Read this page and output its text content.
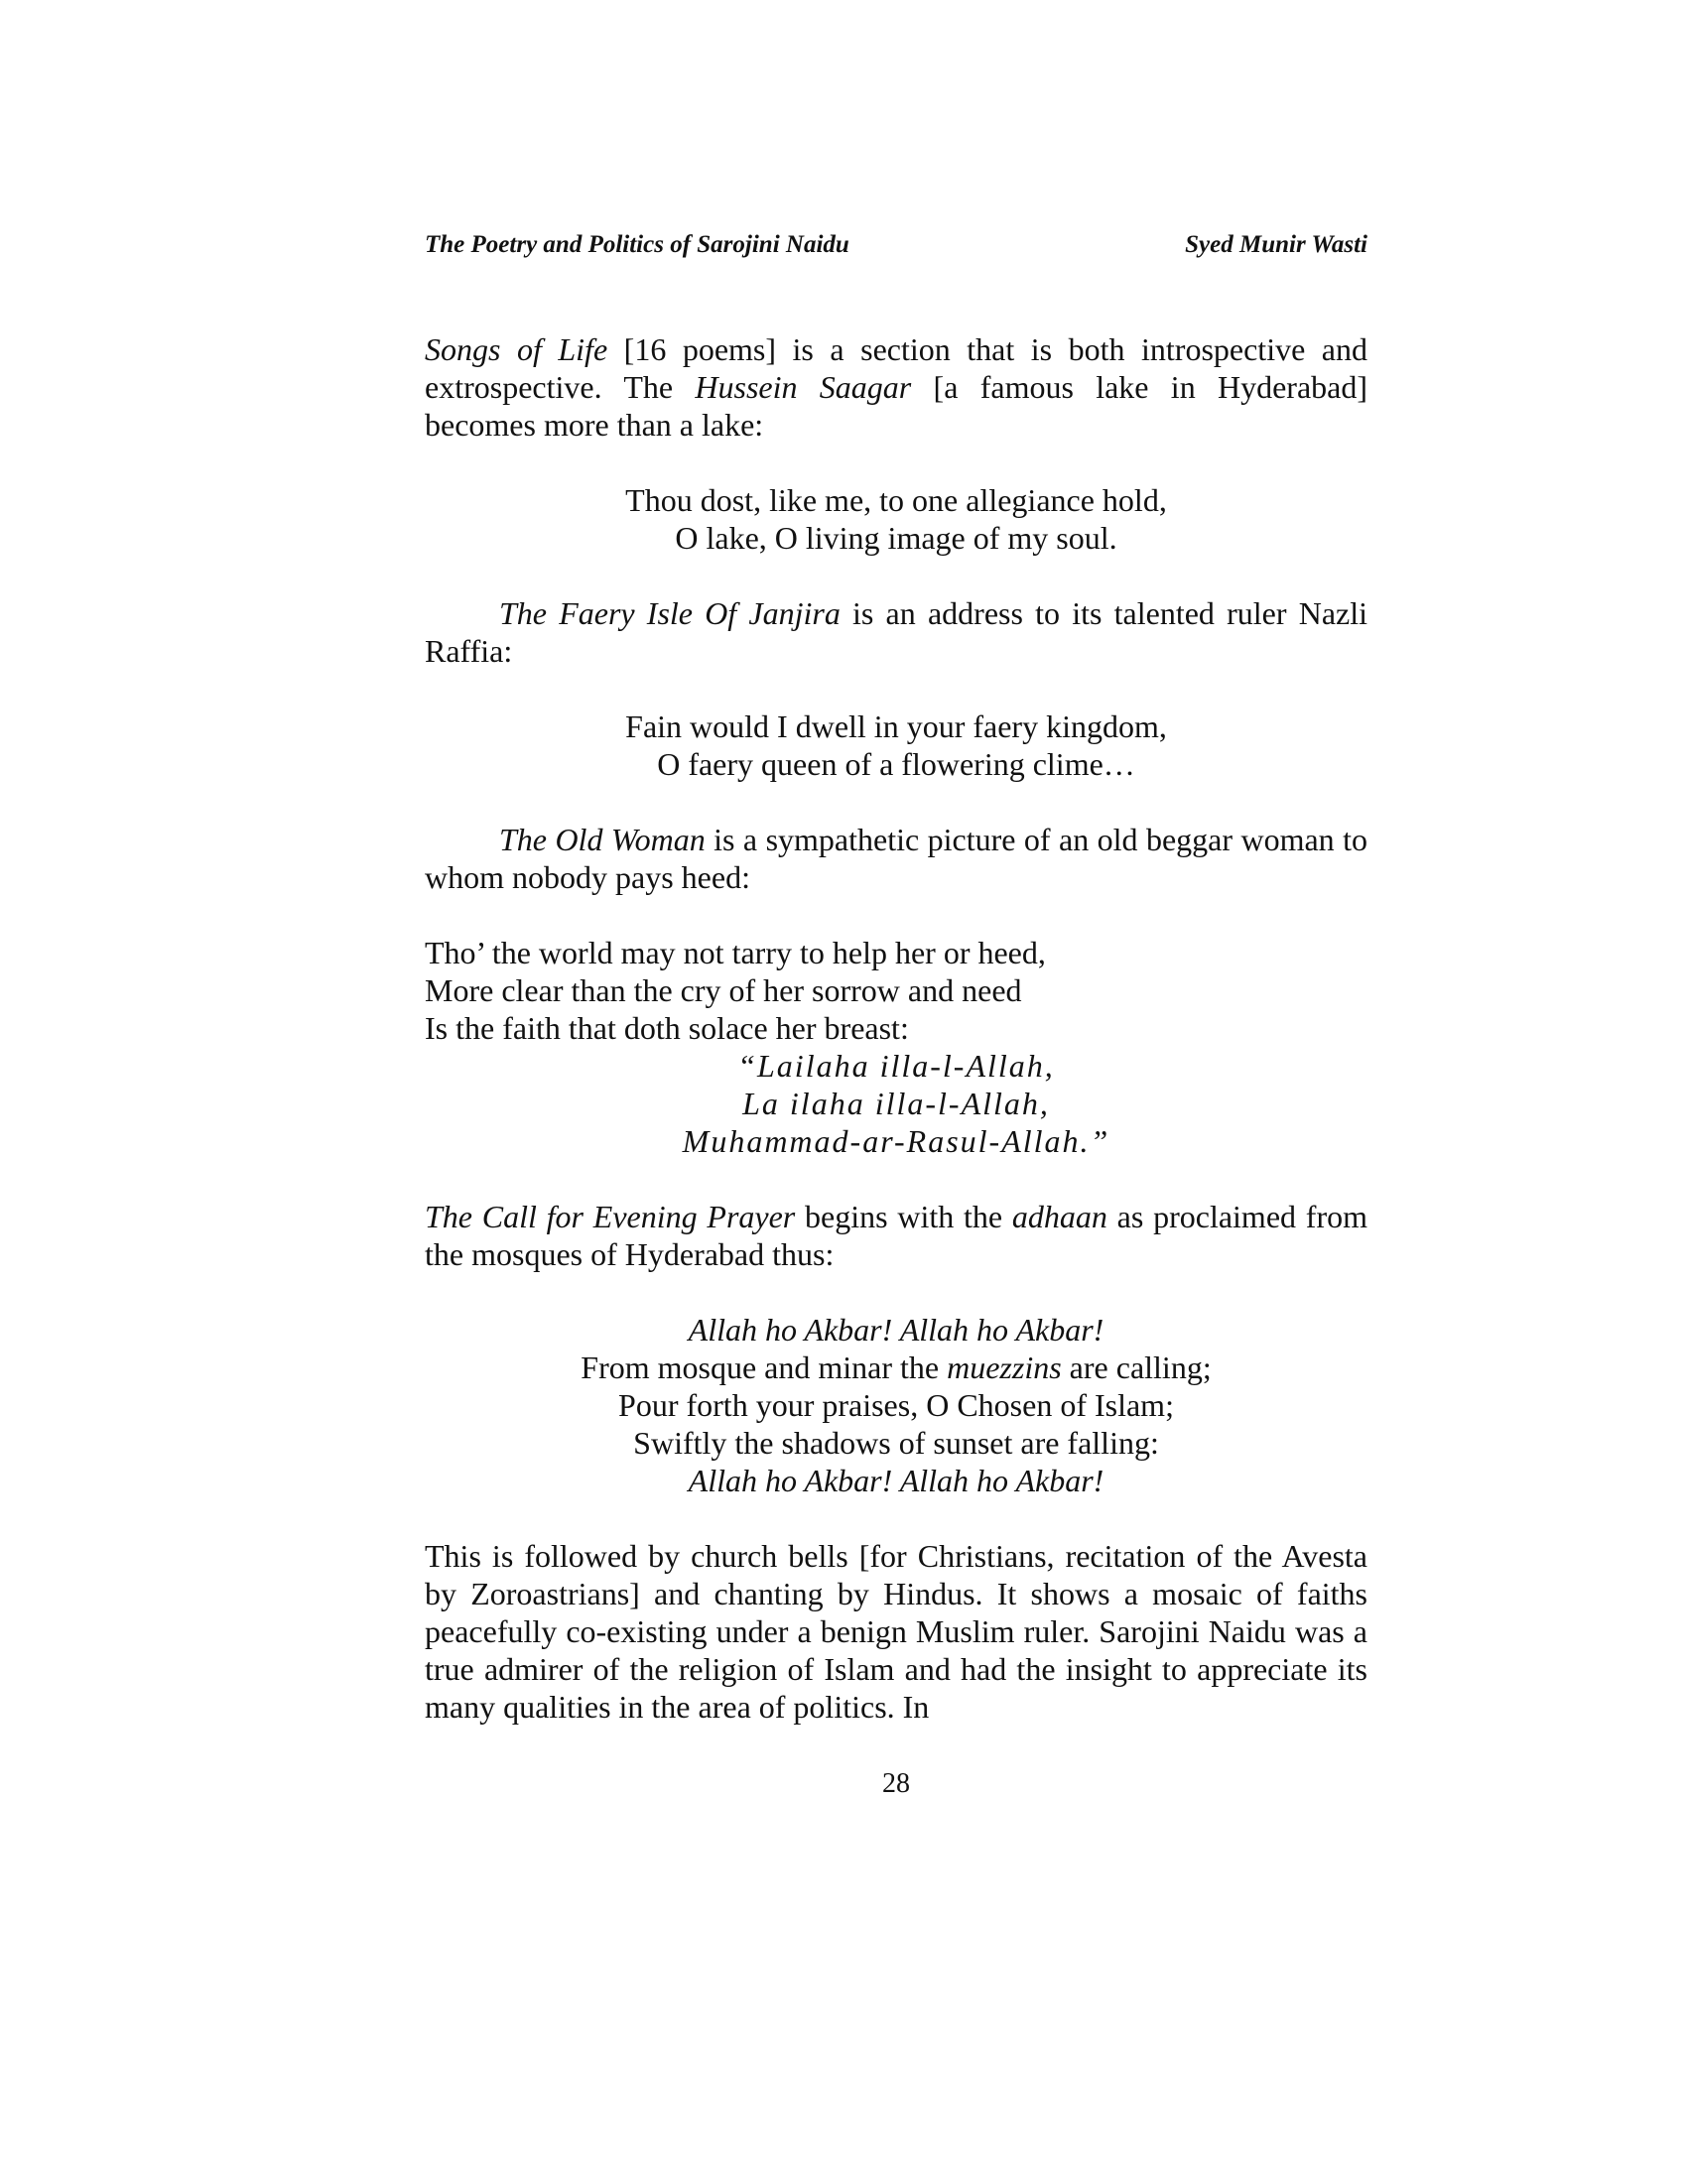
The Poetry and Politics of Sarojini Naidu	Syed Munir Wasti

Songs of Life [16 poems] is a section that is both introspective and extrospective. The Hussein Saagar [a famous lake in Hyderabad] becomes more than a lake:

Thou dost, like me, to one allegiance hold,

O lake, O living image of my soul.

The Faery Isle Of Janjira is an address to its talented ruler Nazli Raffia:

Fain would I dwell in your faery kingdom,

O faery queen of a flowering clime…

The Old Woman is a sympathetic picture of an old beggar woman to whom nobody pays heed:

Tho’ the world may not tarry to help her or heed,

More clear than the cry of her sorrow and need

Is the faith that doth solace her breast:

“Lailaha illa-l-Allah,

La ilaha illa-l-Allah,

Muhammad-ar-Rasul-Allah.”

The Call for Evening Prayer begins with the adhaan as proclaimed from the mosques of Hyderabad thus:

Allah ho Akbar! Allah ho Akbar!

From mosque and minar the muezzins are calling;

Pour forth your praises, O Chosen of Islam;

Swiftly the shadows of sunset are falling:

Allah ho Akbar! Allah ho Akbar!

This is followed by church bells [for Christians, recitation of the Avesta by Zoroastrians] and chanting by Hindus. It shows a mosaic of faiths peacefully co-existing under a benign Muslim ruler. Sarojini Naidu was a true admirer of the religion of Islam and had the insight to appreciate its many qualities in the area of politics. In

28
